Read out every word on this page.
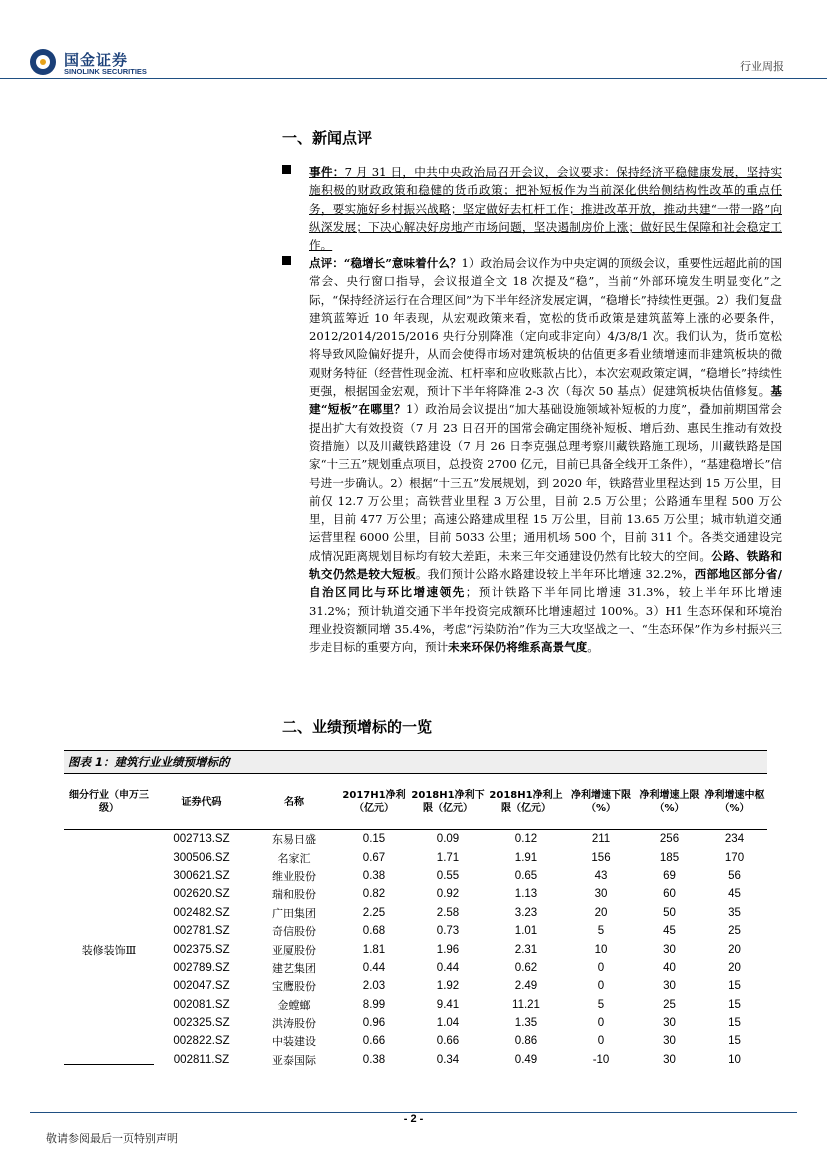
国金证券
SINOLINK SECURITIES	行业周报
一、新闻点评
事件：7 月 31 日，中共中央政治局召开会议，会议要求：保持经济平稳健康发展，坚持实施积极的财政政策和稳健的货币政策；把补短板作为当前深化供给侧结构性改革的重点任务，要实施好乡村振兴战略；坚定做好去杠杆工作；推进改革开放，推动共建“一带一路”向纵深发展；下决心解决好房地产市场问题，坚决遏制房价上涨；做好民生保障和社会稳定工作。
点评：“稳增长”意味着什么？1）政治局会议作为中央定调的顶级会议，重要性远超此前的国常会、央行窗口指导，会议报道全文 18 次提及“稳”，当前“外部环境发生明显变化”之际，“保持经济运行在合理区间”为下半年经济发展定调，“稳增长”持续性更强。2）我们复盘建筑蓝筹近 10 年表现，从宏观政策来看，宽松的货币政策是建筑蓝筹上涨的必要条件，2012/2014/2015/2016 央行分别降准（定向或非定向）4/3/8/1 次。我们认为，货币宽松将导致风险偏好提升，从而会使得市场对建筑板块的估值更多看业绩增速而非建筑板块的微观财务特征（经营性现金流、杠杆率和应收账款占比），本次宏观政策定调，“稳增长”持续性更强，根据国金宏观，预计下半年将降准 2-3 次（每次 50 基点）促建筑板块估值修复。基建“短板”在哪里？1）政治局会议提出“加大基础设施领域补短板的力度”，叠加前期国常会提出扩大有效投资（7 月 23 日召开的国常会确定围绕补短板、增后劲、惠民生推动有效投资措施）以及川藏铁路建设（7 月 26 日李克强总理考察川藏铁路施工现场，川藏铁路是国家“十三五”规划重点项目，总投资 2700 亿元，目前已具备全线开工条件），“基建稳增长”信号进一步确认。2）根据“十三五”发展规划，到 2020 年，铁路营业里程达到 15 万公里，目前仅 12.7 万公里；高铁营业里程 3 万公里，目前 2.5 万公里；公路通车里程 500 万公里，目前 477 万公里；高速公路建成里程 15 万公里，目前 13.65 万公里；城市轨道交通运营里程 6000 公里，目前 5033 公里；通用机场 500 个，目前 311 个。各类交通建设完成情况距离规划目标均有较大差距，未来三年交通建设仍然有比较大的空间。公路、铁路和轨交仍然是较大短板。我们预计公路水路建设较上半年环比增速 32.2%，西部地区部分省/自治区同比与环比增速领先；预计铁路下半年同比增速 31.3%，较上半年环比增速 31.2%；预计轨道交通下半年投资完成额环比增速超过 100%。3）H1 生态环保和环境治理业投资额同增 35.4%，考虑“污染防治”作为三大攻坚战之一、“生态环保”作为乡村振兴三步走目标的重要方向，预计未来环保仍将维系高景气度。
二、业绩预增标的一览
图表 1：建筑行业业绩预增标的
细分行业（申万三级）	证券代码	名称	2017H1净利（亿元）	2018H1净利下限（亿元）	2018H1净利上限（亿元）	净利增速下限（%）	净利增速上限（%）	净利增速中枢（%）
装修装饰Ⅲ	002713.SZ	东易日盛	0.15	0.09	0.12	211	256	234
	300506.SZ	名家汇	0.67	1.71	1.91	156	185	170
	300621.SZ	维业股份	0.38	0.55	0.65	43	69	56
	002620.SZ	瑞和股份	0.82	0.92	1.13	30	60	45
	002482.SZ	广田集团	2.25	2.58	3.23	20	50	35
	002781.SZ	奇信股份	0.68	0.73	1.01	5	45	25
	002375.SZ	亚厦股份	1.81	1.96	2.31	10	30	20
	002789.SZ	建艺集团	0.44	0.44	0.62	0	40	20
	002047.SZ	宝鹰股份	2.03	1.92	2.49	0	30	15
	002081.SZ	金螳螂	8.99	9.41	11.21	5	25	15
	002325.SZ	洪涛股份	0.96	1.04	1.35	0	30	15
	002822.SZ	中装建设	0.66	0.66	0.86	0	30	15
	002811.SZ	亚泰国际	0.38	0.34	0.49	-10	30	10
- 2 -
敬请参阅最后一页特别声明
